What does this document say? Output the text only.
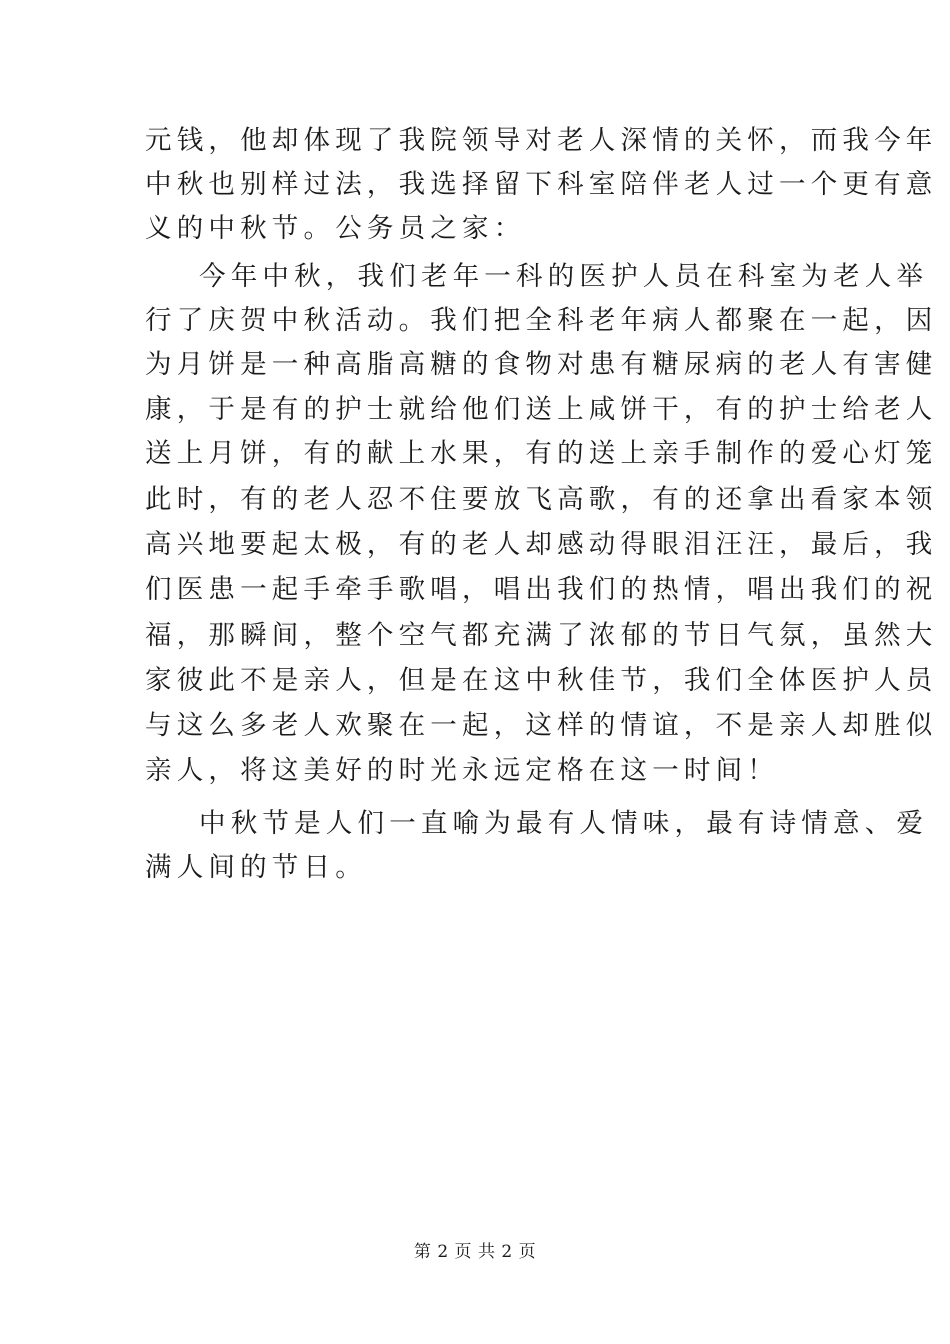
元钱，他却体现了我院领导对老人深情的关怀，而我今年
中秋也别样过法，我选择留下科室陪伴老人过一个更有意
义的中秋节。公务员之家：
今年中秋，我们老年一科的医护人员在科室为老人举
行了庆贺中秋活动。我们把全科老年病人都聚在一起，因
为月饼是一种高脂高糖的食物对患有糖尿病的老人有害健
康，于是有的护士就给他们送上咸饼干，有的护士给老人
送上月饼，有的献上水果，有的送上亲手制作的爱心灯笼
此时，有的老人忍不住要放飞高歌，有的还拿出看家本领
高兴地要起太极，有的老人却感动得眼泪汪汪，最后，我
们医患一起手牵手歌唱，唱出我们的热情，唱出我们的祝
福，那瞬间，整个空气都充满了浓郁的节日气氛，虽然大
家彼此不是亲人，但是在这中秋佳节，我们全体医护人员
与这么多老人欢聚在一起，这样的情谊，不是亲人却胜似
亲人，将这美好的时光永远定格在这一时间！
中秋节是人们一直喻为最有人情味，最有诗情意、爱
满人间的节日。
第 2 页 共 2 页
